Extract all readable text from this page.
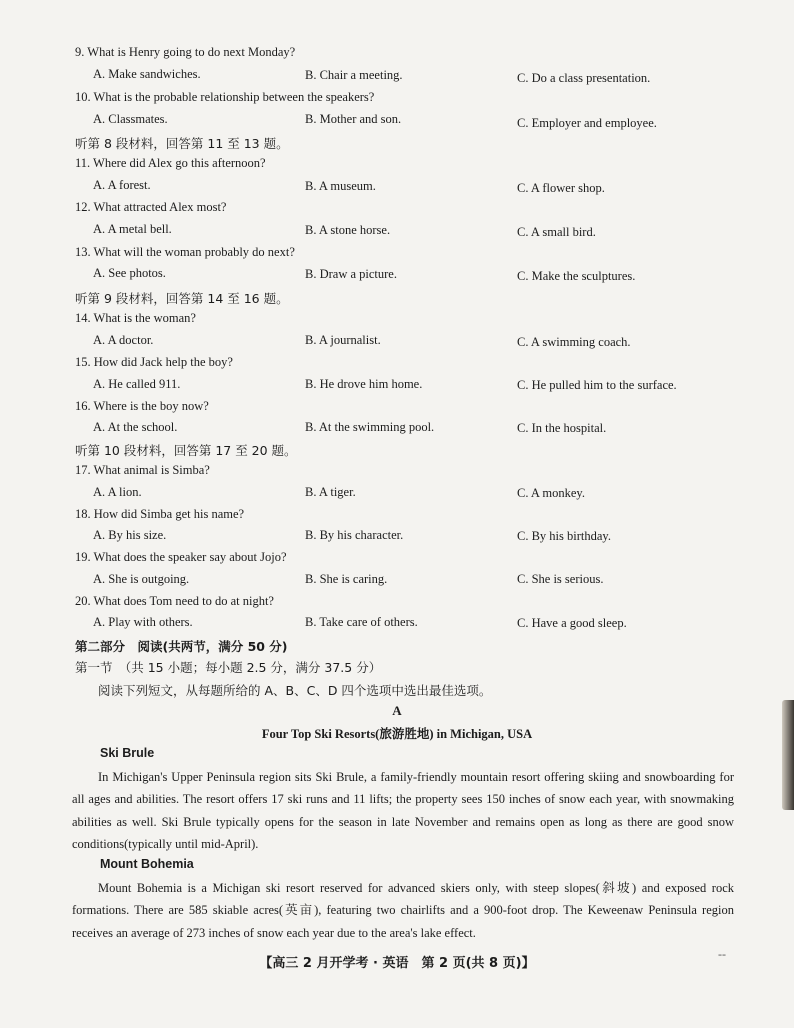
9. What is Henry going to do next Monday?
A. Make sandwiches.	B. Chair a meeting.	C. Do a class presentation.
10. What is the probable relationship between the speakers?
A. Classmates.	B. Mother and son.	C. Employer and employee.
听第 8 段材料，回答第 11 至 13 题。
11. Where did Alex go this afternoon?
A. A forest.	B. A museum.	C. A flower shop.
12. What attracted Alex most?
A. A metal bell.	B. A stone horse.	C. A small bird.
13. What will the woman probably do next?
A. See photos.	B. Draw a picture.	C. Make the sculptures.
听第 9 段材料，回答第 14 至 16 题。
14. What is the woman?
A. A doctor.	B. A journalist.	C. A swimming coach.
15. How did Jack help the boy?
A. He called 911.	B. He drove him home.	C. He pulled him to the surface.
16. Where is the boy now?
A. At the school.	B. At the swimming pool.	C. In the hospital.
听第 10 段材料，回答第 17 至 20 题。
17. What animal is Simba?
A. A lion.	B. A tiger.	C. A monkey.
18. How did Simba get his name?
A. By his size.	B. By his character.	C. By his birthday.
19. What does the speaker say about Jojo?
A. She is outgoing.	B. She is caring.	C. She is serious.
20. What does Tom need to do at night?
A. Play with others.	B. Take care of others.	C. Have a good sleep.
第二部分　阅读(共两节，满分 50 分)
第一节　（共 15 小题；每小题 2.5 分，满分 37.5 分）
阅读下列短文，从每题所给的 A、B、C、D 四个选项中选出最佳选项。
A
Four Top Ski Resorts(旅游胜地) in Michigan, USA
Ski Brule

In Michigan's Upper Peninsula region sits Ski Brule, a family-friendly mountain resort offering skiing and snowboarding for all ages and abilities. The resort offers 17 ski runs and 11 lifts; the property sees 150 inches of snow each year, with snowmaking abilities as well. Ski Brule typically opens for the season in late November and remains open as long as there are good snow conditions(typically until mid-April).

Mount Bohemia

Mount Bohemia is a Michigan ski resort reserved for advanced skiers only, with steep slopes(斜坡) and exposed rock formations. There are 585 skiable acres(英亩), featuring two chairlifts and a 900-foot drop. The Keweenaw Peninsula region receives an average of 273 inches of snow each year due to the area's lake effect.

【高三 2 月开学考 · 英语　第 2 页(共 8 页)】
--
